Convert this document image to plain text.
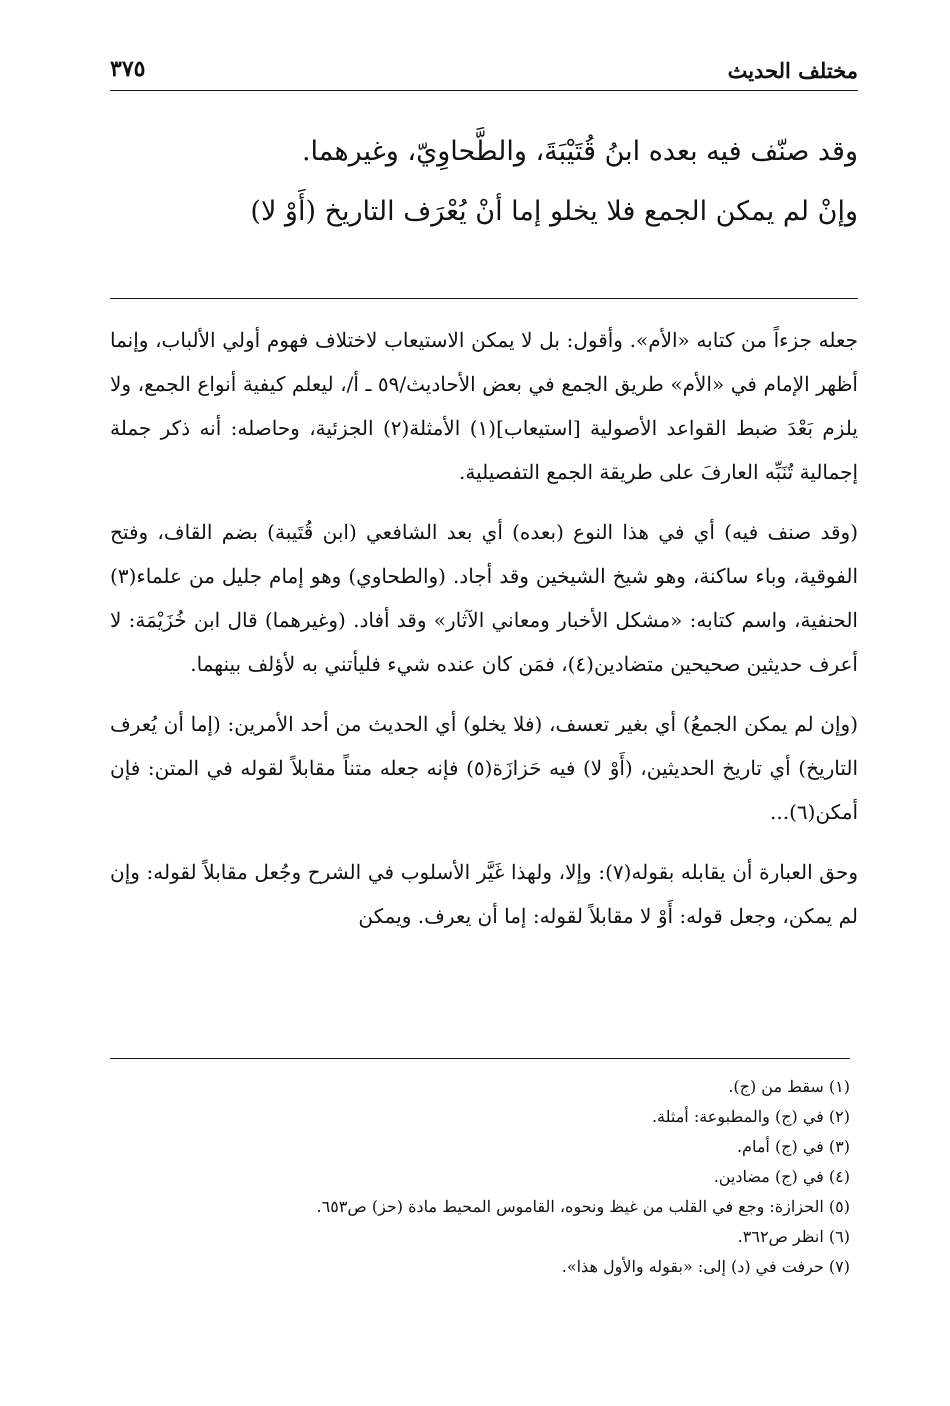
مختلف الحديث
٣٧٥

وقد صنّف فيه بعده ابنُ قُتَيْبَةَ، والطَّحاوِيّ، وغيرهما.

وإنْ لم يمكن الجمع فلا يخلو إما أنْ يُعْرَف التاريخ (أَوْ لا)

جعله جزءاً من كتابه «الأم». وأقول: بل لا يمكن الاستيعاب لاختلاف فهوم أولي الألباب، وإنما أظهر الإمام في «الأم» طريق الجمع في بعض الأحاديث/٥٩ ـ أ/، ليعلم كيفية أنواع الجمع، ولا يلزم بَعْدَ ضبط القواعد الأصولية [استيعاب](١) الأمثلة(٢) الجزئية، وحاصله: أنه ذكر جملة إجمالية تُنَبِّه العارفَ على طريقة الجمع التفصيلية.

(وقد صنف فيه) أي في هذا النوع (بعده) أي بعد الشافعي (ابن قُتَيبة) بضم القاف، وفتح الفوقية، وباء ساكنة، وهو شيخ الشيخين وقد أجاد. (والطحاوي) وهو إمام جليل من علماء(٣) الحنفية، واسم كتابه: «مشكل الأخبار ومعاني الآثار» وقد أفاد. (وغيرهما) قال ابن خُزَيْمَة: لا أعرف حديثين صحيحين متضادين(٤)، فمَن كان عنده شيء فليأتني به لأؤلف بينهما.

(وإن لم يمكن الجمعُ) أي بغير تعسف، (فلا يخلو) أي الحديث من أحد الأمرين: (إما أن يُعرف التاريخ) أي تاريخ الحديثين، (أَوْ لا) فيه حَزازَة(٥) فإنه جعله متناً مقابلاً لقوله في المتن: فإن أمكن(٦)...

وحق العبارة أن يقابله بقوله(٧): وإلا، ولهذا غَيَّر الأسلوب في الشرح وجُعل مقابلاً لقوله: وإن لم يمكن، وجعل قوله: أَوْ لا مقابلاً لقوله: إما أن يعرف. ويمكن

(١) سقط من (ج).
(٢) في (ج) والمطبوعة: أمثلة.
(٣) في (ج) أمام.
(٤) في (ج) مضادين.
(٥) الحزازة: وجع في القلب من غيظ ونحوه، القاموس المحيط مادة (حز) ص٦٥٣.
(٦) انظر ص٣٦٢.
(٧) حرفت في (د) إلى: «بقوله والأول هذا».
